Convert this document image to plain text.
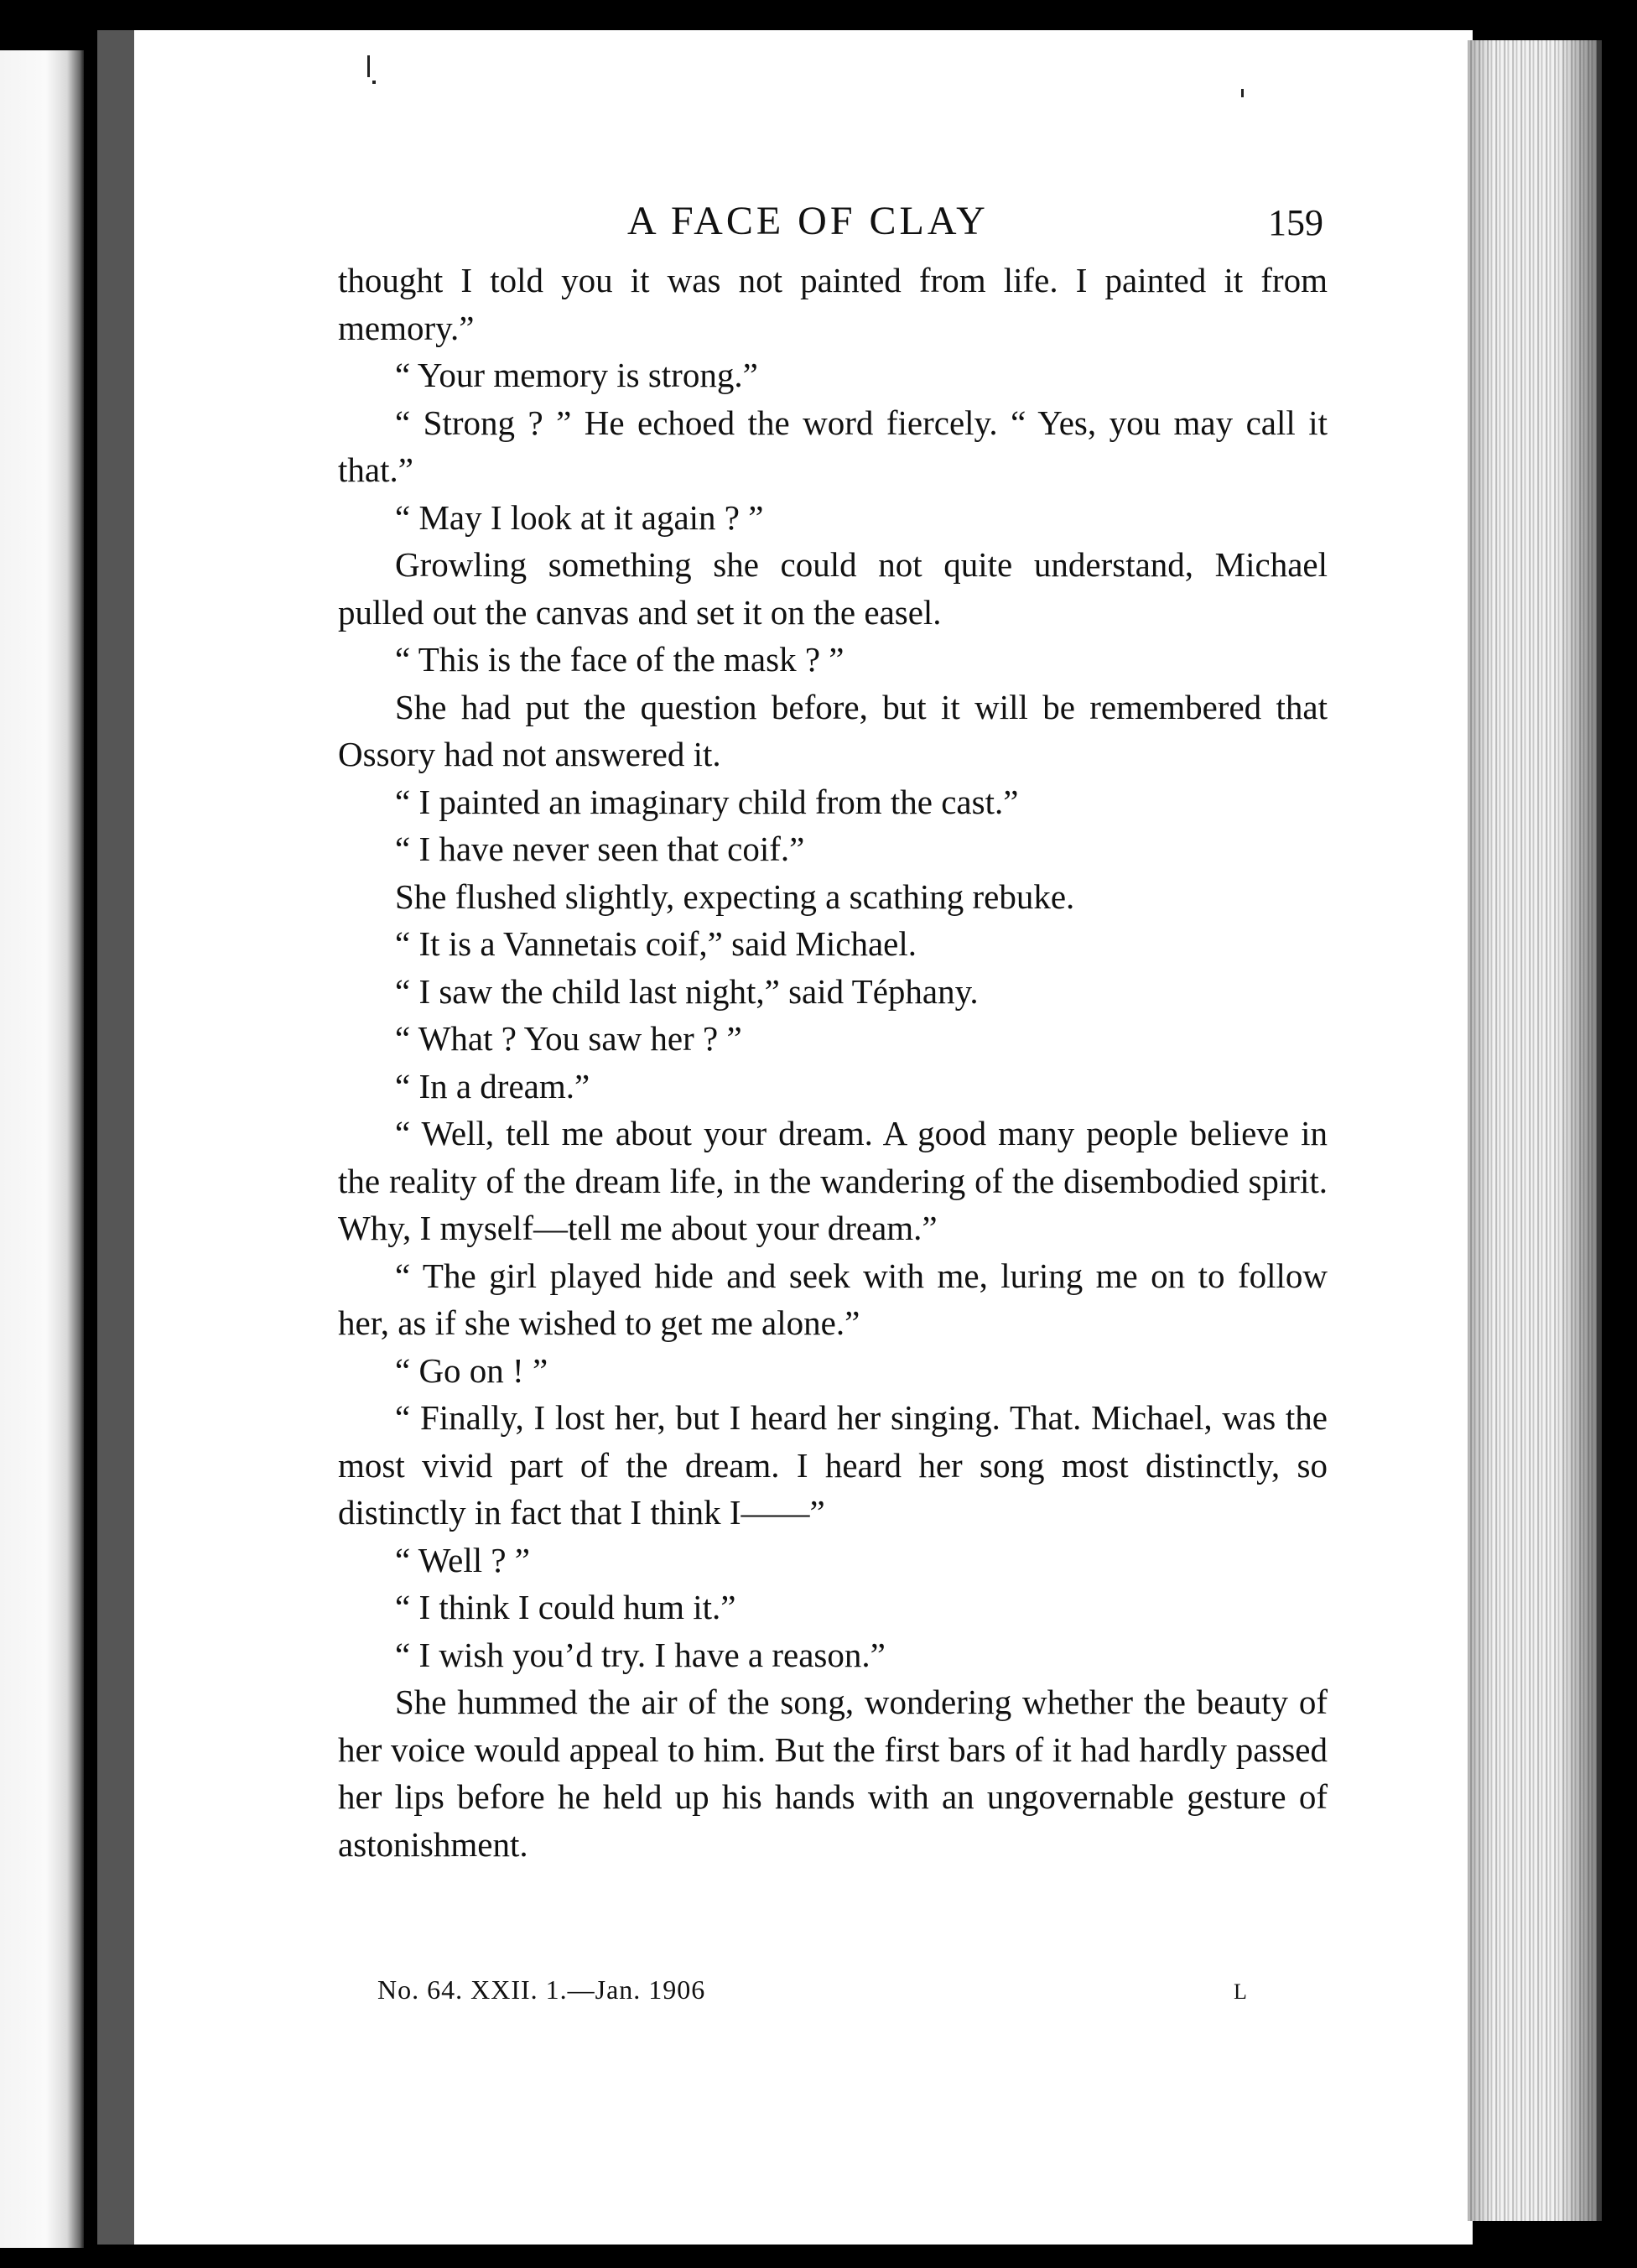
A FACE OF CLAY	159

thought I told you it was not painted from life. I painted it from memory.”

“ Your memory is strong.”

“ Strong ? ” He echoed the word fiercely. “ Yes, you may call it that.”

“ May I look at it again ? ”

Growling something she could not quite understand, Michael pulled out the canvas and set it on the easel.

“ This is the face of the mask ? ”

She had put the question before, but it will be remembered that Ossory had not answered it.

“ I painted an imaginary child from the cast.”

“ I have never seen that coif.”

She flushed slightly, expecting a scathing rebuke.

“ It is a Vannetais coif,” said Michael.

“ I saw the child last night,” said Téphany.

“ What ? You saw her ? ”

“ In a dream.”

“ Well, tell me about your dream. A good many people believe in the reality of the dream life, in the wandering of the disembodied spirit. Why, I myself—tell me about your dream.”

“ The girl played hide and seek with me, luring me on to follow her, as if she wished to get me alone.”

“ Go on ! ”

“ Finally, I lost her, but I heard her singing. That. Michael, was the most vivid part of the dream. I heard her song most distinctly, so distinctly in fact that I think I——”

“ Well ? ”

“ I think I could hum it.”

“ I wish you’d try. I have a reason.”

She hummed the air of the song, wondering whether the beauty of her voice would appeal to him. But the first bars of it had hardly passed her lips before he held up his hands with an ungovernable gesture of astonishment.

No. 64. XXII. 1.—Jan. 1906	L
